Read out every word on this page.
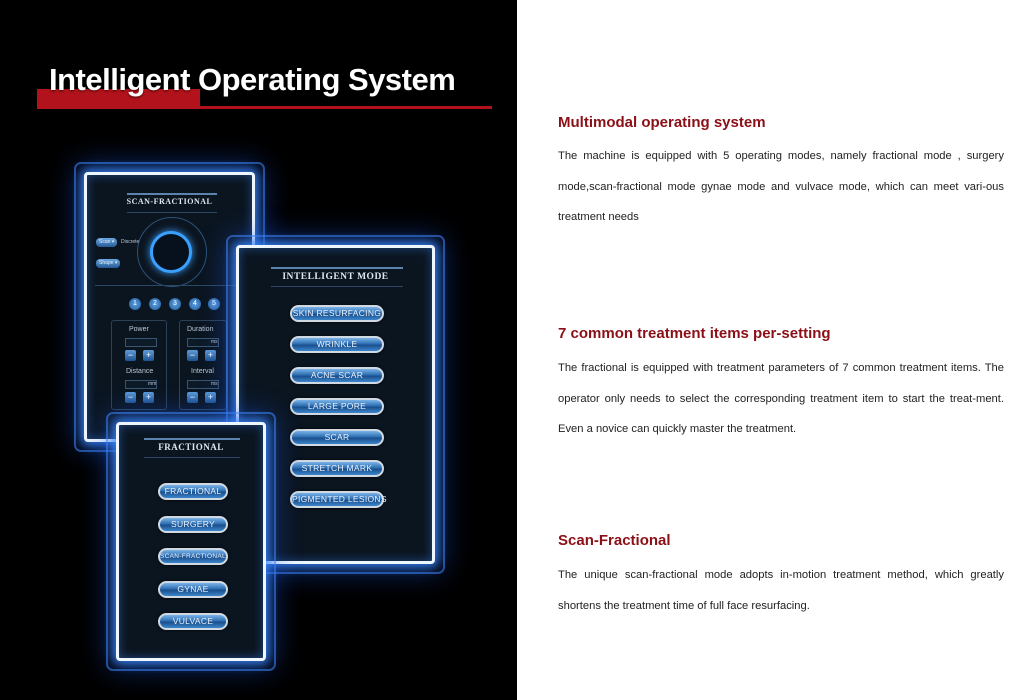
Intelligent Operating System
SCAN-FRACTIONAL
Scan ▾	Discrete
Shape ▾
1	2	3	4	5
Power
−	+
Duration
ms
−	+
Distance
mm
−	+
Interval
ms
−	+
INTELLIGENT MODE
SKIN RESURFACING
WRINKLE
ACNE SCAR
LARGE PORE
SCAR
STRETCH MARK
PIGMENTED LESIONS
FRACTIONAL
FRACTIONAL
SURGERY
SCAN-FRACTIONAL
GYNAE
VULVACE
Multimodal operating system
The machine is equipped with 5 operating modes, namely fractional mode , surgery mode,scan-fractional mode gynae mode and vulvace mode, which can meet vari-ous treatment needs
7 common treatment items per-setting
The fractional is equipped with treatment parameters of 7 common treatment items. The operator only needs to select the corresponding treatment item to start the treat-ment. Even a novice can quickly master the treatment.
Scan-Fractional
The unique scan-fractional mode adopts in-motion treatment method, which greatly shortens the treatment time of full face resurfacing.
